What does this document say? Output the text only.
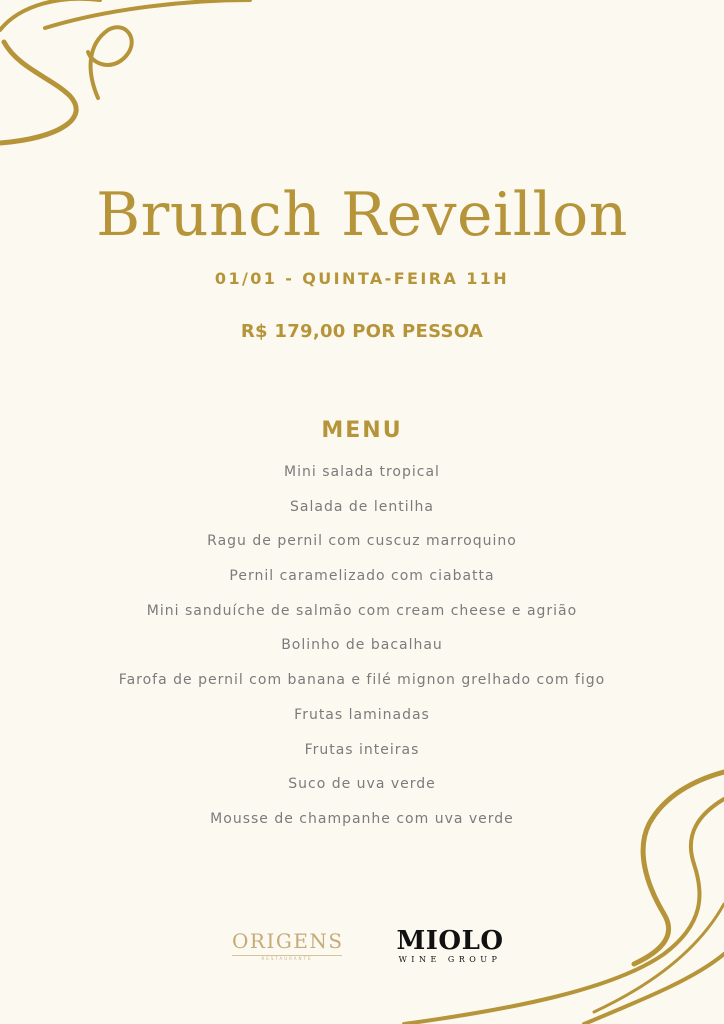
Brunch Reveillon
01/01 - QUINTA-FEIRA 11H
R$ 179,00 POR PESSOA
MENU
Mini salada tropical
Salada de lentilha
Ragu de pernil com cuscuz marroquino
Pernil caramelizado com ciabatta
Mini sanduíche de salmão com cream cheese e agrião
Bolinho de bacalhau
Farofa de pernil com banana e filé mignon grelhado com figo
Frutas laminadas
Frutas inteiras
Suco de uva verde
Mousse de champanhe com uva verde
ORIGENS
RESTAURANTE
MIOLO
WINE GROUP
